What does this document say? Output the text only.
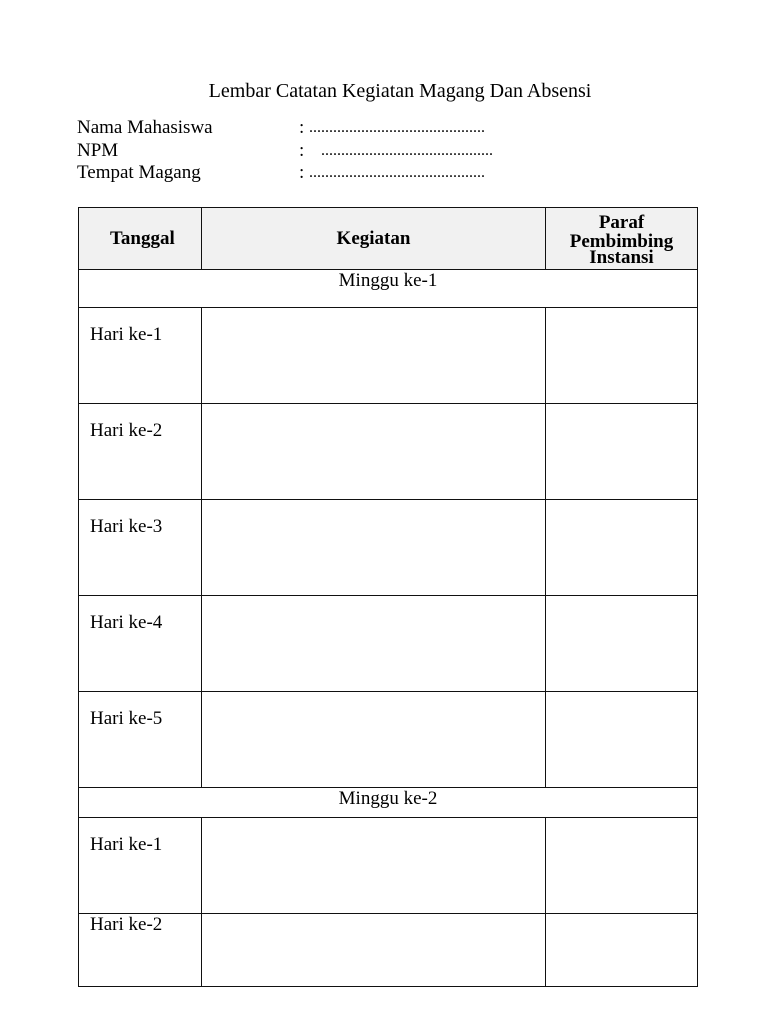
Lembar Catatan Kegiatan Magang Dan Absensi
Nama Mahasiswa	: ............................................
NPM	: ...........................................
Tempat Magang	: ............................................
Tanggal	Kegiatan	Paraf
Pembimbing
Instansi

Minggu ke-1		
Hari ke-1		
Hari ke-2		
Hari ke-3		
Hari ke-4		
Hari ke-5		
Minggu ke-2		
Hari ke-1		
Hari ke-2		
